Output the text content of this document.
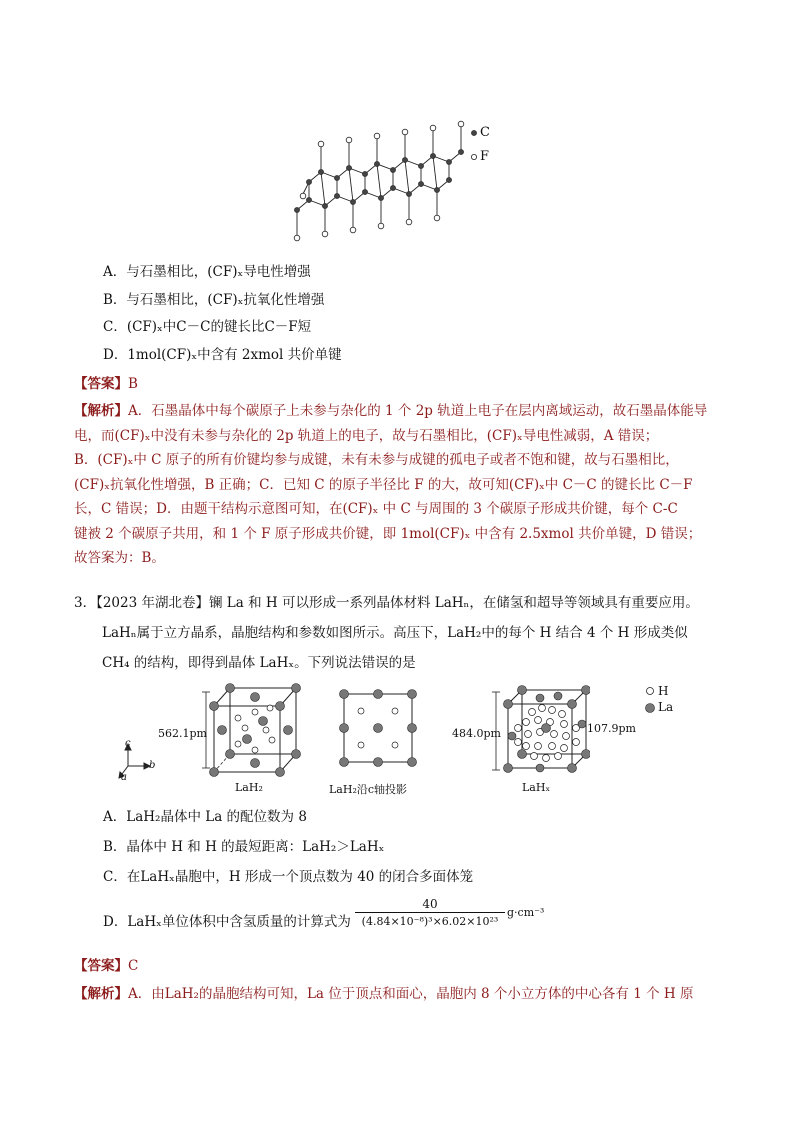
C
F
A．与石墨相比，(CF)ₓ导电性增强
B．与石墨相比，(CF)ₓ抗氧化性增强
C．(CF)ₓ中C－C的键长比C－F短
D．1mol(CF)ₓ中含有 2xmol 共价单键
【答案】B
【解析】A．石墨晶体中每个碳原子上未参与杂化的 1 个 2p 轨道上电子在层内离域运动，故石墨晶体能导
电，而(CF)ₓ中没有未参与杂化的 2p 轨道上的电子，故与石墨相比，(CF)ₓ导电性减弱，A 错误；
B．(CF)ₓ中 C 原子的所有价键均参与成键，未有未参与成键的孤电子或者不饱和键，故与石墨相比，
(CF)ₓ抗氧化性增强，B 正确；C．已知 C 的原子半径比 F 的大，故可知(CF)ₓ中 C－C 的键长比 C－F
长，C 错误；D．由题干结构示意图可知，在(CF)ₓ 中 C 与周围的 3 个碳原子形成共价键，每个 C-C
键被 2 个碳原子共用，和 1 个 F 原子形成共价键，即 1mol(CF)ₓ 中含有 2.5xmol 共价单键，D 错误；
故答案为：B。
3．【2023 年湖北卷】镧 La 和 H 可以形成一系列晶体材料 LaHₙ，在储氢和超导等领域具有重要应用。
LaHₙ属于立方晶系，晶胞结构和参数如图所示。高压下，LaH₂中的每个 H 结合 4 个 H 形成类似
CH₄ 的结构，即得到晶体 LaHₓ。下列说法错误的是
562.1pm
LaH₂
c
b
a
LaH₂沿c轴投影
484.0pm	107.9pm
LaHₓ
H
La
A．LaH₂晶体中 La 的配位数为 8
B．晶体中 H 和 H 的最短距离：LaH₂＞LaHₓ
C．在LaHₓ晶胞中，H 形成一个顶点数为 40 的闭合多面体笼
D．LaHₓ单位体积中含氢质量的计算式为 $\frac{40}{\text{(4.84×10⁻⁸)³×6.02×10²³}} g\cdot cm^{-3}$
【答案】C
【解析】A．由LaH₂的晶胞结构可知，La 位于顶点和面心，晶胞内 8 个小立方体的中心各有 1 个 H 原
